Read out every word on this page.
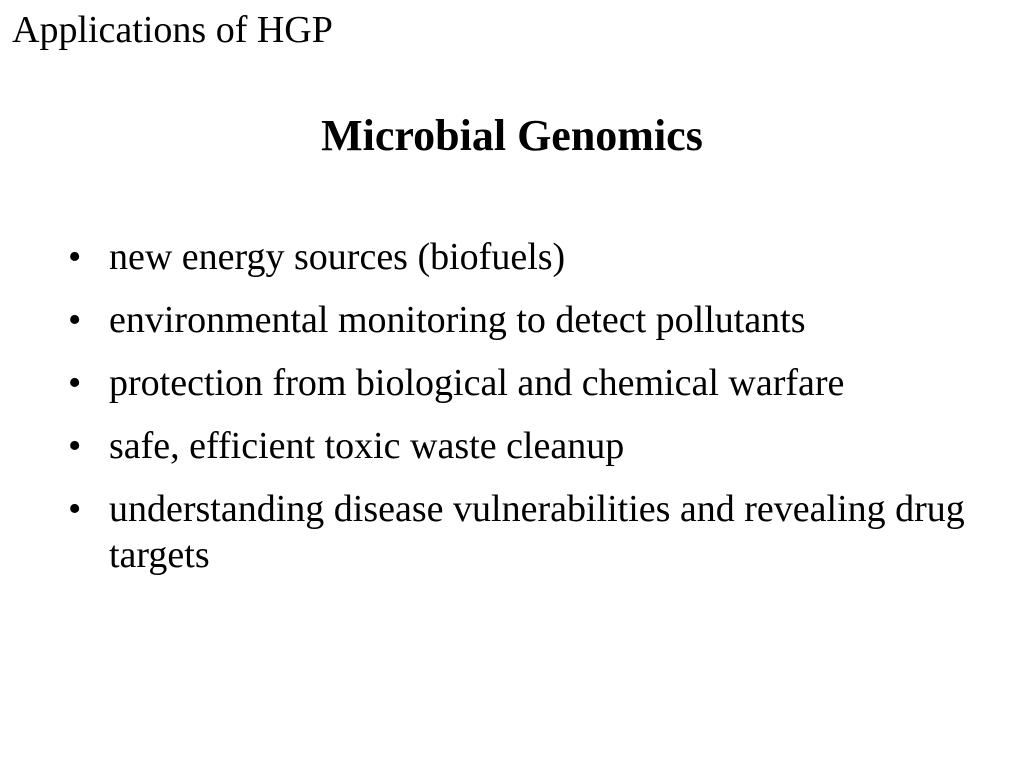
Applications of HGP
Microbial Genomics
• new energy sources (biofuels)
• environmental monitoring to detect pollutants
• protection from biological and chemical warfare
• safe, efficient toxic waste cleanup
• understanding disease vulnerabilities and revealing drug targets
